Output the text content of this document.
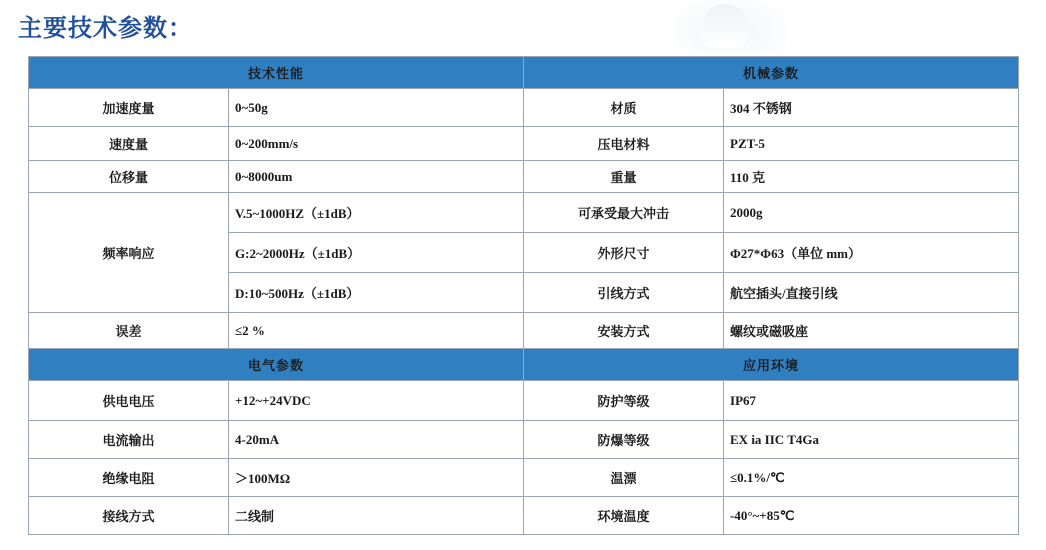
主要技术参数：
技术性能		机械参数	
加速度量	0~50g	材质	304 不锈钢
速度量	0~200mm/s	压电材料	PZT-5
位移量	0~8000um	重量	110 克
频率响应	V.5~1000HZ（±1dB）	可承受最大冲击	2000g
	G:2~2000Hz（±1dB）	外形尺寸	Φ27*Φ63（单位 mm）
	D:10~500Hz（±1dB）	引线方式	航空插头/直接引线
误差	≤2 %	安装方式	螺纹或磁吸座
电气参数		应用环境	
供电电压	+12~+24VDC	防护等级	IP67
电流输出	4-20mA	防爆等级	EX ia IIC T4Ga
绝缘电阻	＞100MΩ	温漂	≤0.1%/℃
接线方式	二线制	环境温度	-40°~+85℃
